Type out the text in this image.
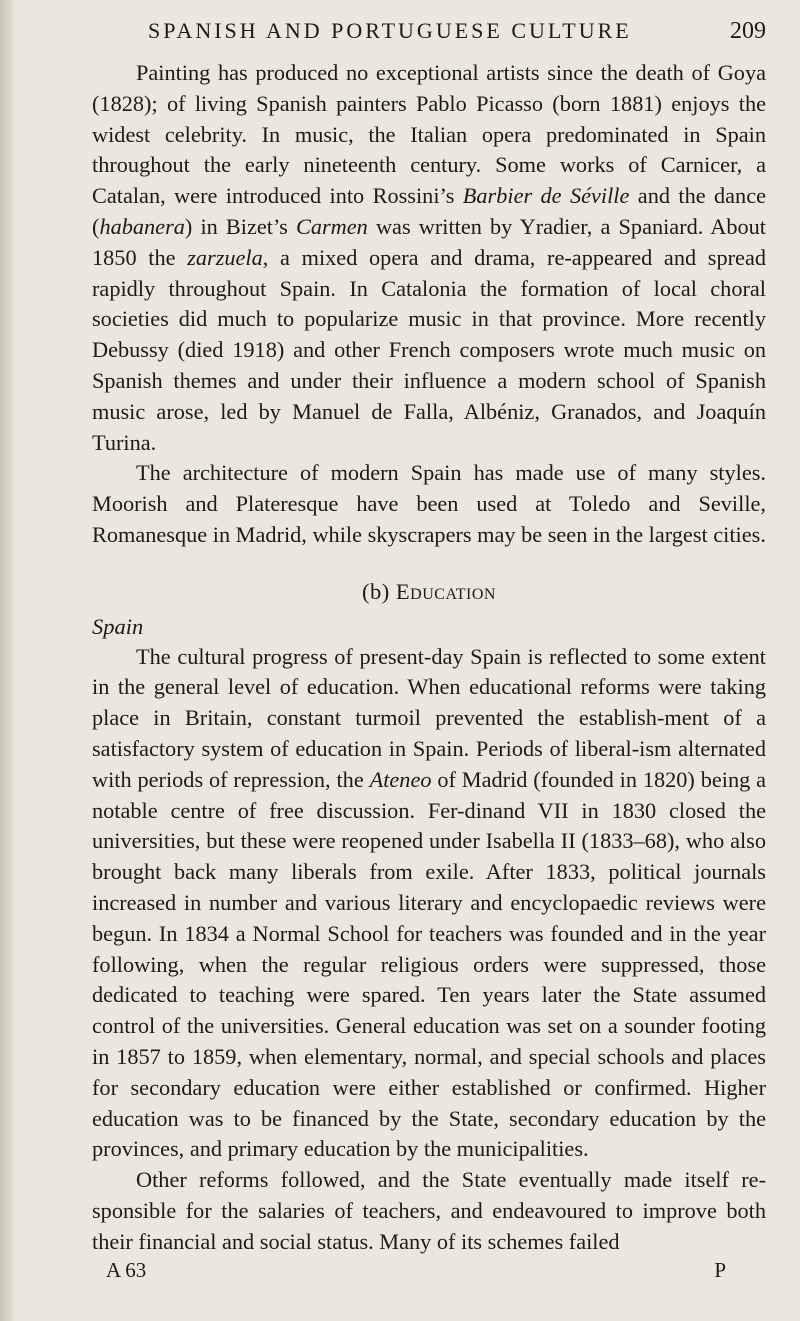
SPANISH AND PORTUGUESE CULTURE	209

Painting has produced no exceptional artists since the death of Goya (1828); of living Spanish painters Pablo Picasso (born 1881) enjoys the widest celebrity. In music, the Italian opera predominated in Spain throughout the early nineteenth century. Some works of Carnicer, a Catalan, were introduced into Rossini’s Barbier de Séville and the dance (habanera) in Bizet’s Carmen was written by Yradier, a Spaniard. About 1850 the zarzuela, a mixed opera and drama, re-appeared and spread rapidly throughout Spain. In Catalonia the formation of local choral societies did much to popularize music in that province. More recently Debussy (died 1918) and other French composers wrote much music on Spanish themes and under their influence a modern school of Spanish music arose, led by Manuel de Falla, Albéniz, Granados, and Joaquín Turina.

The architecture of modern Spain has made use of many styles. Moorish and Plateresque have been used at Toledo and Seville, Romanesque in Madrid, while skyscrapers may be seen in the largest cities.

(b) Education
Spain

The cultural progress of present-day Spain is reflected to some extent in the general level of education. When educational reforms were taking place in Britain, constant turmoil prevented the establish-ment of a satisfactory system of education in Spain. Periods of liberal-ism alternated with periods of repression, the Ateneo of Madrid (founded in 1820) being a notable centre of free discussion. Fer-dinand VII in 1830 closed the universities, but these were reopened under Isabella II (1833–68), who also brought back many liberals from exile. After 1833, political journals increased in number and various literary and encyclopaedic reviews were begun. In 1834 a Normal School for teachers was founded and in the year following, when the regular religious orders were suppressed, those dedicated to teaching were spared. Ten years later the State assumed control of the universities. General education was set on a sounder footing in 1857 to 1859, when elementary, normal, and special schools and places for secondary education were either established or confirmed. Higher education was to be financed by the State, secondary education by the provinces, and primary education by the municipalities.

Other reforms followed, and the State eventually made itself re-sponsible for the salaries of teachers, and endeavoured to improve both their financial and social status. Many of its schemes failed

A 63	P
